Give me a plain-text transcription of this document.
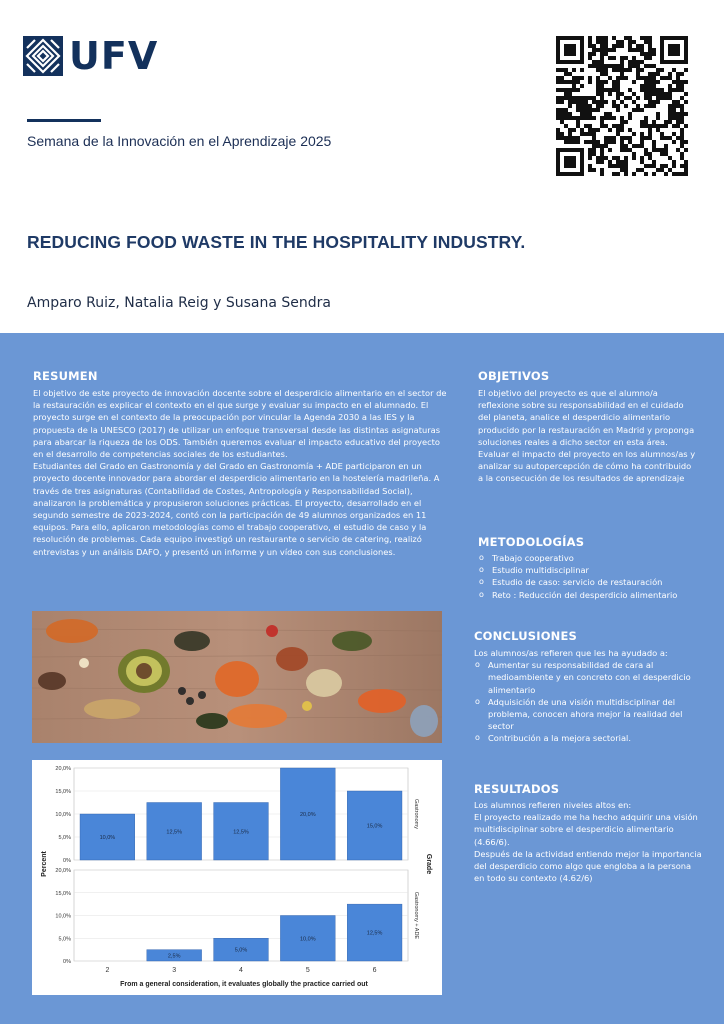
UFV
Semana de la Innovación en el Aprendizaje 2025
REDUCING FOOD WASTE IN THE HOSPITALITY INDUSTRY.
Amparo Ruiz, Natalia Reig y Susana Sendra
RESUMEN

El objetivo de este proyecto de innovación docente sobre el desperdicio alimentario en el sector de la restauración es explicar el contexto en el que surge y evaluar su impacto en el alumnado. El proyecto surge en el contexto de la preocupación por vincular la Agenda 2030 a las IES y la propuesta de la UNESCO (2017) de utilizar un enfoque transversal desde las distintas asignaturas para abarcar la riqueza de los ODS. También queremos evaluar el impacto educativo del proyecto en el desarrollo de competencias sociales de los estudiantes.

Estudiantes del Grado en Gastronomía y del Grado en Gastronomía + ADE participaron en un proyecto docente innovador para abordar el desperdicio alimentario en la hostelería madrileña. A través de tres asignaturas (Contabilidad de Costes, Antropología y Responsabilidad Social), analizaron la problemática y propusieron soluciones prácticas. El proyecto, desarrollado en el segundo semestre de 2023-2024, contó con la participación de 49 alumnos organizados en 11 equipos. Para ello, aplicaron metodologías como el trabajo cooperativo, el estudio de caso y la resolución de problemas. Cada equipo investigó un restaurante o servicio de catering, realizó entrevistas y un análisis DAFO, y presentó un informe y un vídeo con sus conclusiones.

OBJETIVOS

El objetivo del proyecto es que el alumno/a reflexione sobre su responsabilidad en el cuidado del planeta, analice el desperdicio alimentario producido por la restauración en Madrid y proponga soluciones reales a dicho sector en esta área.

Evaluar el impacto del proyecto en los alumnos/as y analizar su autopercepción de cómo ha contribuido a la consecución de los resultados de aprendizaje

METODOLOGÍAS
o Trabajo cooperativo
o Estudio multidisciplinar
o Estudio de caso: servicio de restauración
o Reto : Reducción del desperdicio alimentario
CONCLUSIONES

Los alumnos/as refieren que les ha ayudado a:

o Aumentar su responsabilidad de cara al medioambiente y en concreto con el desperdicio alimentario
o Adquisición de una visión multidisciplinar del problema, conocen ahora mejor la realidad del sector
o Contribución a la mejora sectorial.
RESULTADOS

Los alumnos refieren niveles altos en:

El proyecto realizado me ha hecho adquirir una visión multidisciplinar sobre el desperdicio alimentario (4.66/6).

Después de la actividad entiendo mejor la importancia del desperdicio como algo que engloba a la persona en todo su contexto (4.62/6)

0%
5,0%
10,0%
15,0%
20,0%
10,0%
12,5%	12,5%
20,0%
15,0%	Gastronomy
0%
5,0%
10,0%
15,0%
20,0%
2,5%
5,0%
10,0%
12,5%	Gastronomy + ADE
2	3	4	5	6
Percent
From a general consideration, it evaluates globally the practice carried out
Grade
